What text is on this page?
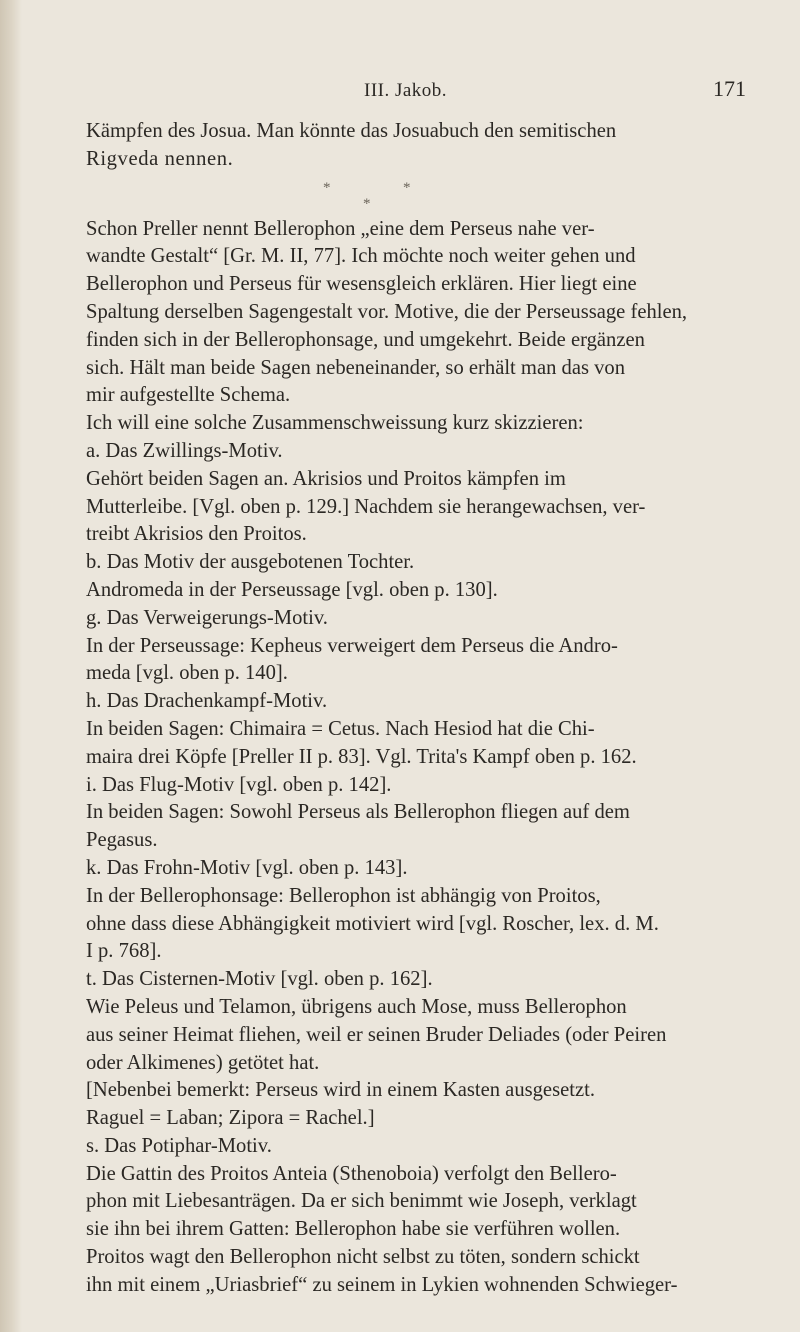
III. Jakob.	171

Kämpfen des Josua. Man könnte das Josuabuch den semitischen

Rigveda nennen.

*	*
*

Schon Preller nennt Bellerophon „eine dem Perseus nahe ver-

wandte Gestalt“ [Gr. M. II, 77]. Ich möchte noch weiter gehen und

Bellerophon und Perseus für wesensgleich erklären. Hier liegt eine

Spaltung derselben Sagengestalt vor. Motive, die der Perseussage fehlen,

finden sich in der Bellerophonsage, und umgekehrt. Beide ergänzen

sich. Hält man beide Sagen nebeneinander, so erhält man das von

mir aufgestellte Schema.

Ich will eine solche Zusammenschweissung kurz skizzieren:

a. Das Zwillings-Motiv.

Gehört beiden Sagen an. Akrisios und Proitos kämpfen im

Mutterleibe. [Vgl. oben p. 129.] Nachdem sie herangewachsen, ver-

treibt Akrisios den Proitos.

b. Das Motiv der ausgebotenen Tochter.

Andromeda in der Perseussage [vgl. oben p. 130].

g. Das Verweigerungs-Motiv.

In der Perseussage: Kepheus verweigert dem Perseus die Andro-

meda [vgl. oben p. 140].

h. Das Drachenkampf-Motiv.

In beiden Sagen: Chimaira = Cetus. Nach Hesiod hat die Chi-

maira drei Köpfe [Preller II p. 83]. Vgl. Trita's Kampf oben p. 162.

i. Das Flug-Motiv [vgl. oben p. 142].

In beiden Sagen: Sowohl Perseus als Bellerophon fliegen auf dem

Pegasus.

k. Das Frohn-Motiv [vgl. oben p. 143].

In der Bellerophonsage: Bellerophon ist abhängig von Proitos,

ohne dass diese Abhängigkeit motiviert wird [vgl. Roscher, lex. d. M.

I p. 768].

t. Das Cisternen-Motiv [vgl. oben p. 162].

Wie Peleus und Telamon, übrigens auch Mose, muss Bellerophon

aus seiner Heimat fliehen, weil er seinen Bruder Deliades (oder Peiren

oder Alkimenes) getötet hat.

[Nebenbei bemerkt: Perseus wird in einem Kasten ausgesetzt.

Raguel = Laban; Zipora = Rachel.]

s. Das Potiphar-Motiv.

Die Gattin des Proitos Anteia (Sthenoboia) verfolgt den Bellero-

phon mit Liebesanträgen. Da er sich benimmt wie Joseph, verklagt

sie ihn bei ihrem Gatten: Bellerophon habe sie verführen wollen.

Proitos wagt den Bellerophon nicht selbst zu töten, sondern schickt

ihn mit einem „Uriasbrief“ zu seinem in Lykien wohnenden Schwieger-
